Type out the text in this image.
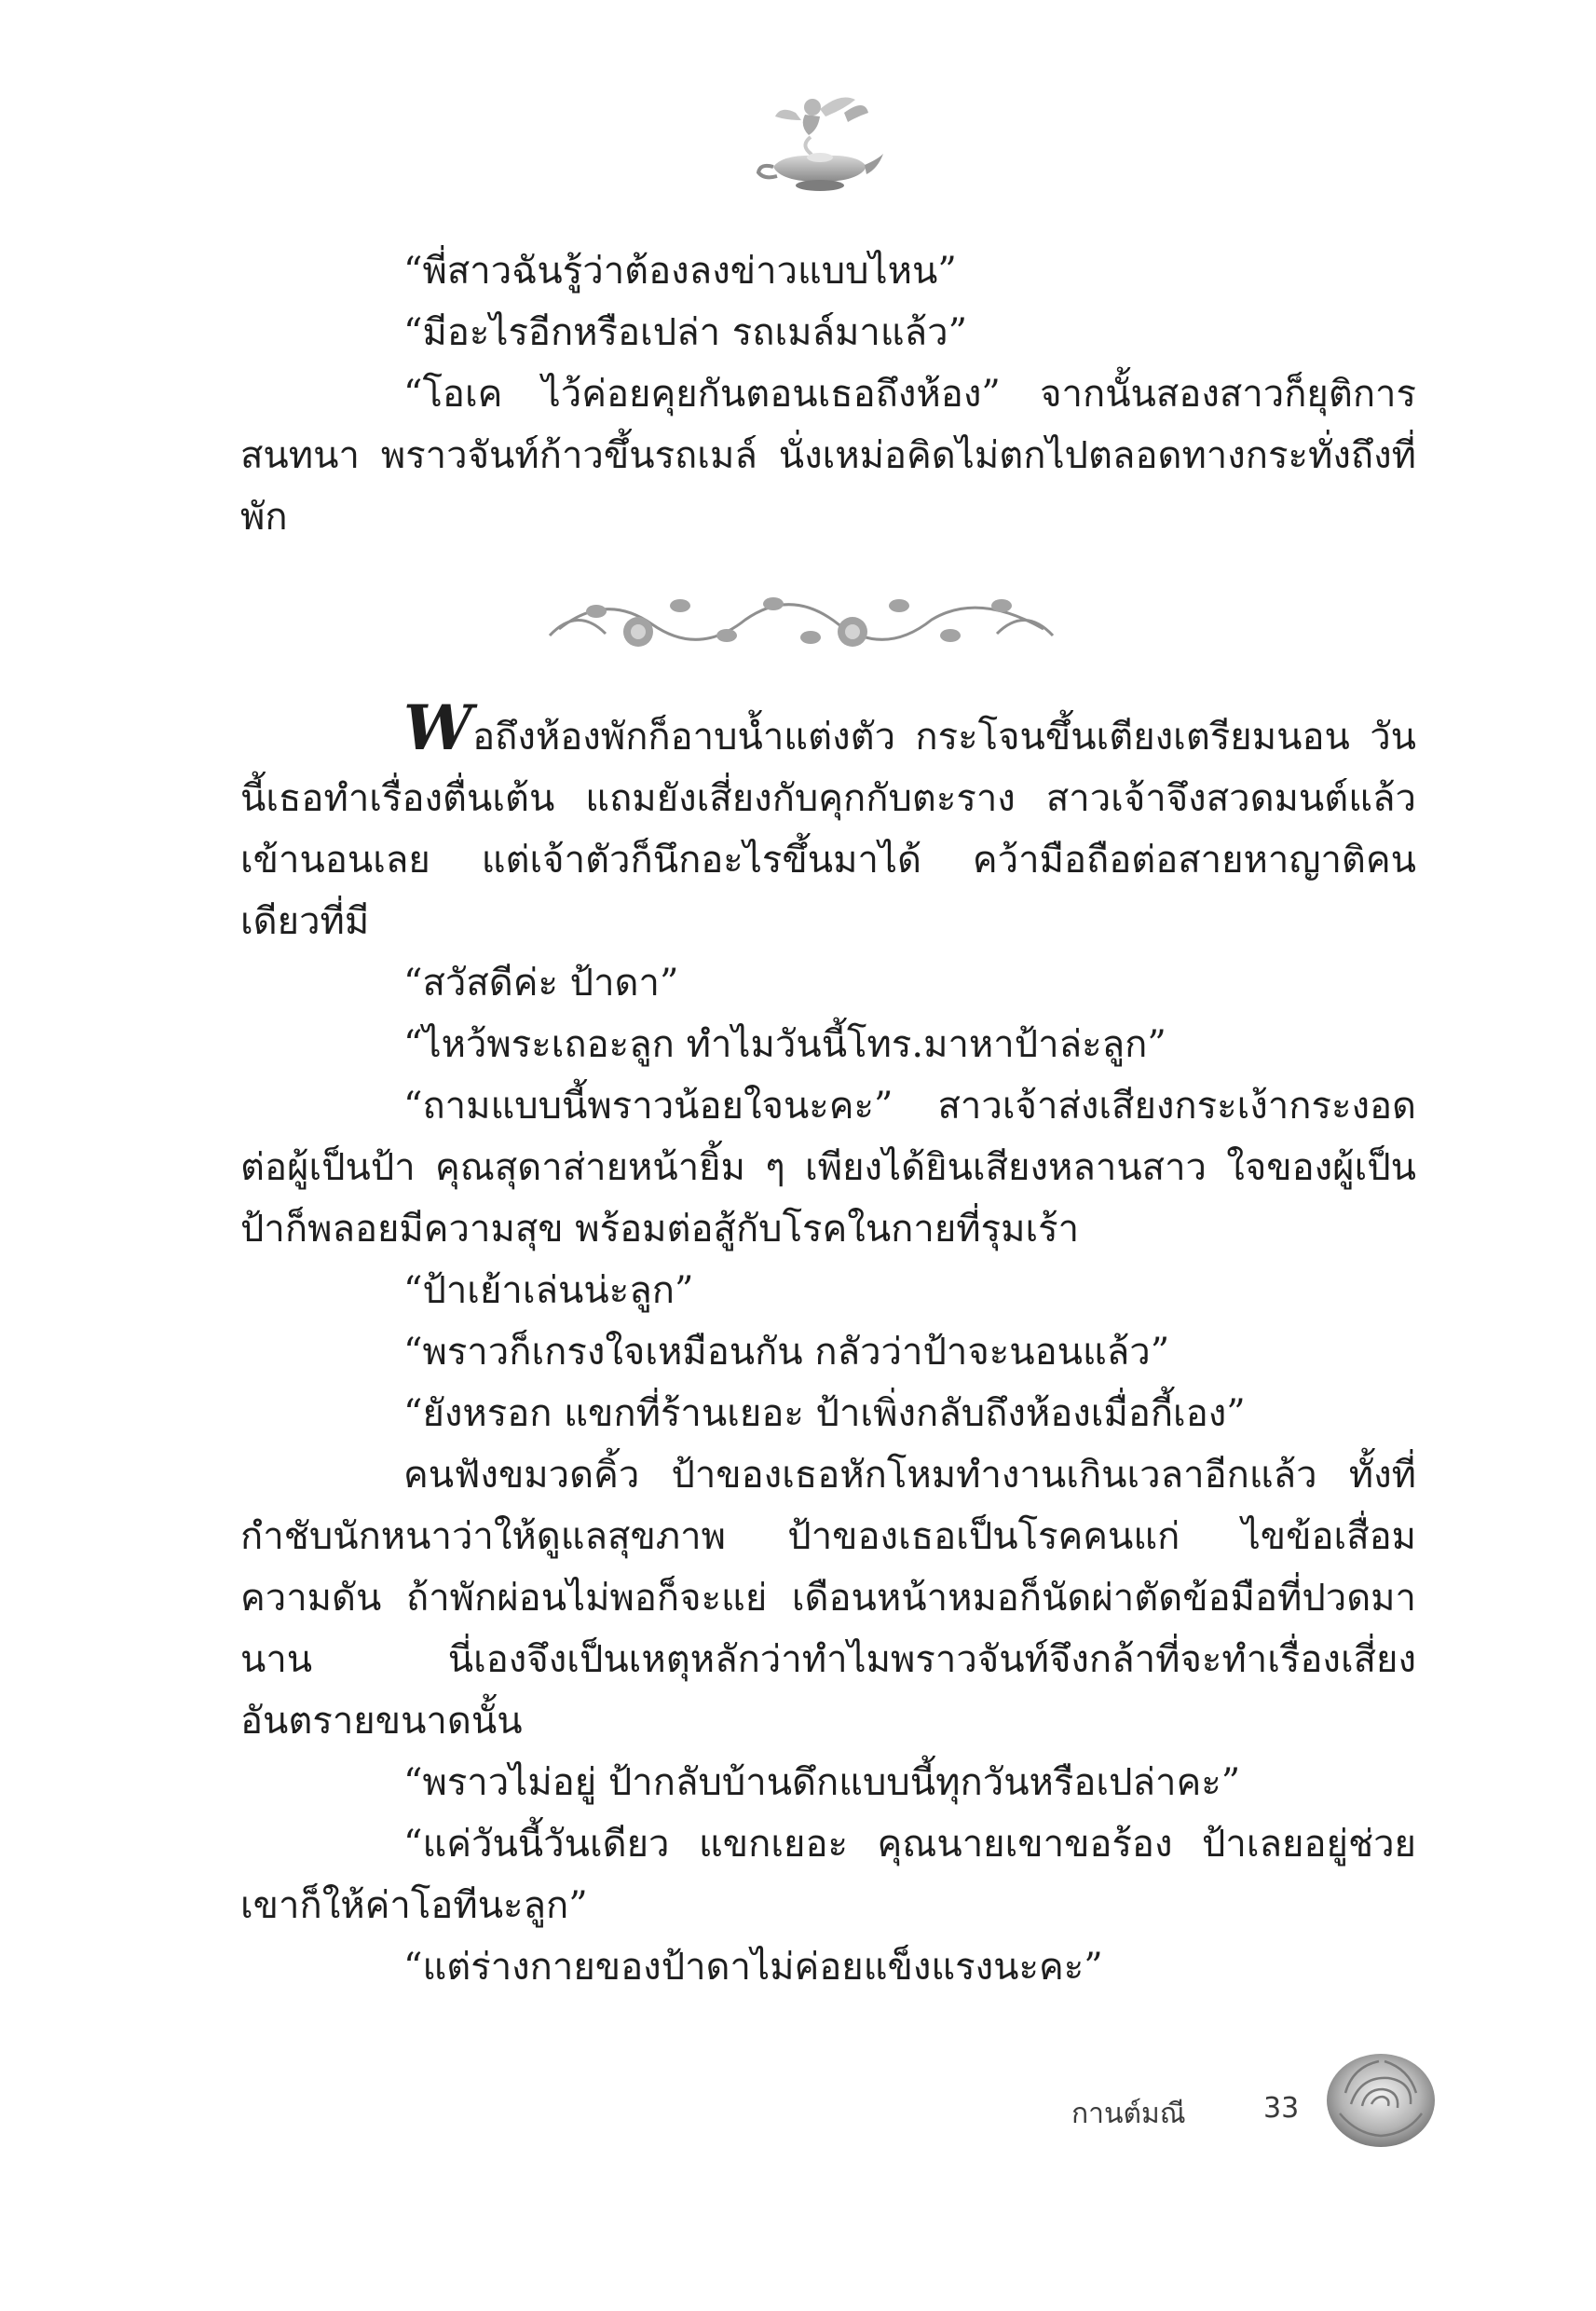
“พี่สาวฉันรู้ว่าต้องลงข่าวแบบไหน”

“มีอะไรอีกหรือเปล่า รถเมล์มาแล้ว”

“โอเค ไว้ค่อยคุยกันตอนเธอถึงห้อง” จากนั้นสองสาวก็ยุติการสนทนา พราวจันท์ก้าวขึ้นรถเมล์ นั่งเหม่อคิดไม่ตกไปตลอดทางกระทั่งถึงที่พัก

Wอถึงห้องพักก็อาบน้ำแต่งตัว กระโจนขึ้นเตียงเตรียมนอน วันนี้เธอทำเรื่องตื่นเต้น แถมยังเสี่ยงกับคุกกับตะราง สาวเจ้าจึงสวดมนต์แล้วเข้านอนเลย แต่เจ้าตัวก็นึกอะไรขึ้นมาได้ คว้ามือถือต่อสายหาญาติคนเดียวที่มี

“สวัสดีค่ะ ป้าดา”

“ไหว้พระเถอะลูก ทำไมวันนี้โทร.มาหาป้าล่ะลูก”

“ถามแบบนี้พราวน้อยใจนะคะ” สาวเจ้าส่งเสียงกระเง้ากระงอดต่อผู้เป็นป้า คุณสุดาส่ายหน้ายิ้ม ๆ เพียงได้ยินเสียงหลานสาว ใจของผู้เป็นป้าก็พลอยมีความสุข พร้อมต่อสู้กับโรคในกายที่รุมเร้า

“ป้าเย้าเล่นน่ะลูก”

“พราวก็เกรงใจเหมือนกัน กลัวว่าป้าจะนอนแล้ว”

“ยังหรอก แขกที่ร้านเยอะ ป้าเพิ่งกลับถึงห้องเมื่อกี้เอง”

คนฟังขมวดคิ้ว ป้าของเธอหักโหมทำงานเกินเวลาอีกแล้ว ทั้งที่กำชับนักหนาว่าให้ดูแลสุขภาพ ป้าของเธอเป็นโรคคนแก่ ไขข้อเสื่อม ความดัน ถ้าพักผ่อนไม่พอก็จะแย่ เดือนหน้าหมอก็นัดผ่าตัดข้อมือที่ปวดมานาน นี่เองจึงเป็นเหตุหลักว่าทำไมพราวจันท์จึงกล้าที่จะทำเรื่องเสี่ยงอันตรายขนาดนั้น

“พราวไม่อยู่ ป้ากลับบ้านดึกแบบนี้ทุกวันหรือเปล่าคะ”

“แค่วันนี้วันเดียว แขกเยอะ คุณนายเขาขอร้อง ป้าเลยอยู่ช่วย เขาก็ให้ค่าโอทีนะลูก”

“แต่ร่างกายของป้าดาไม่ค่อยแข็งแรงนะคะ”

กานต์มณี	33
